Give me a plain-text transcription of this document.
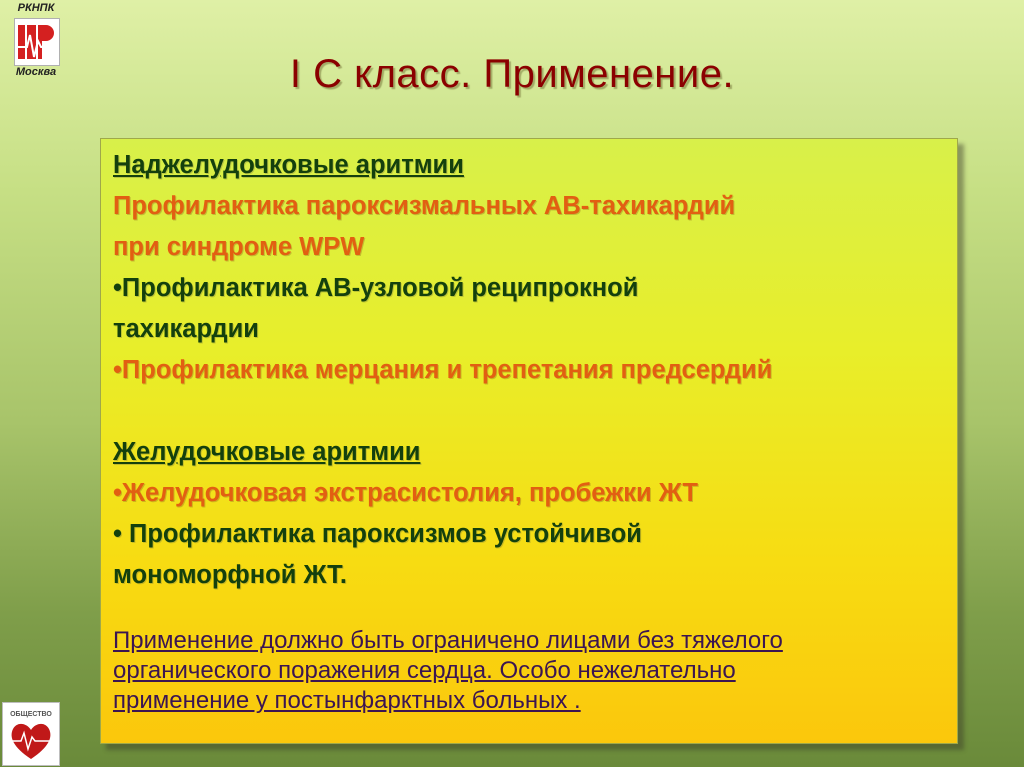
РКНПК
Москва	I С класс. Применение.
Наджелудочковые аритмии
Профилактика пароксизмальных АВ-тахикардий
при синдроме WPW
•Профилактика АВ-узловой реципрокной
тахикардии
•Профилактика мерцания и трепетания предсердий
Желудочковые аритмии
•Желудочковая экстрасистолия, пробежки ЖТ
• Профилактика пароксизмов устойчивой
мономорфной ЖТ.
Применение должно быть ограничено лицами без тяжелого
органического поражения сердца. Особо нежелательно
применение у постынфарктных больных .
ОБЩЕСТВО
